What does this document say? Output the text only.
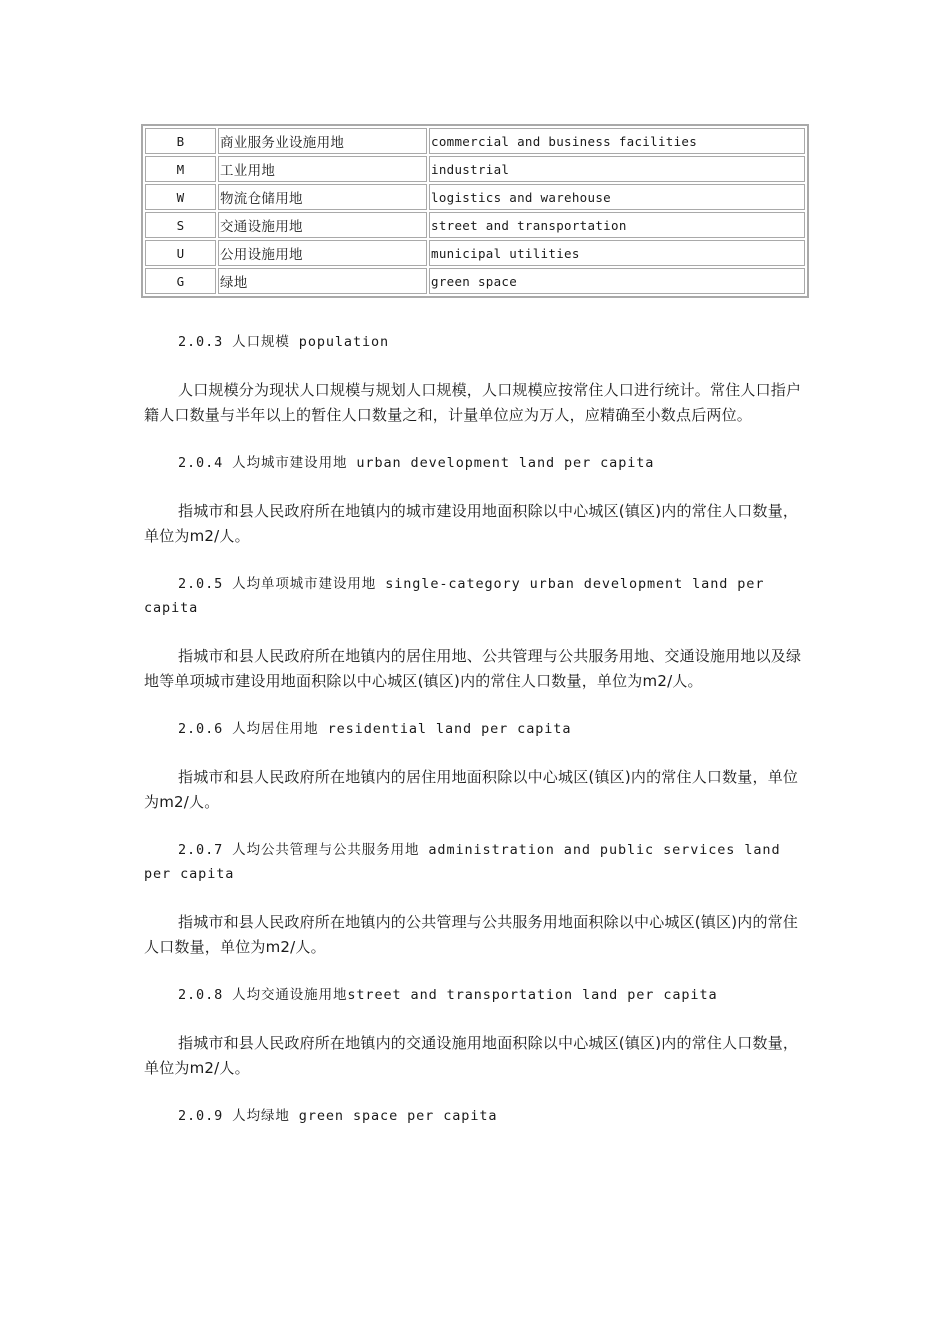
B	商业服务业设施用地	commercial and business facilities
M	工业用地	industrial
W	物流仓储用地	logistics and warehouse
S	交通设施用地	street and transportation
U	公用设施用地	municipal utilities
G	绿地	green space

2.0.3 人口规模 population

人口规模分为现状人口规模与规划人口规模，人口规模应按常住人口进行统计。常住人口指户籍人口数量与半年以上的暂住人口数量之和，计量单位应为万人，应精确至小数点后两位。

2.0.4 人均城市建设用地 urban development land per capita

指城市和县人民政府所在地镇内的城市建设用地面积除以中心城区(镇区)内的常住人口数量，单位为m2/人。

2.0.5 人均单项城市建设用地 single-category urban development land per capita

指城市和县人民政府所在地镇内的居住用地、公共管理与公共服务用地、交通设施用地以及绿地等单项城市建设用地面积除以中心城区(镇区)内的常住人口数量，单位为m2/人。

2.0.6 人均居住用地 residential land per capita

指城市和县人民政府所在地镇内的居住用地面积除以中心城区(镇区)内的常住人口数量，单位为m2/人。

2.0.7 人均公共管理与公共服务用地 administration and public services land per capita

指城市和县人民政府所在地镇内的公共管理与公共服务用地面积除以中心城区(镇区)内的常住人口数量，单位为m2/人。

2.0.8 人均交通设施用地street and transportation land per capita

指城市和县人民政府所在地镇内的交通设施用地面积除以中心城区(镇区)内的常住人口数量，单位为m2/人。

2.0.9 人均绿地 green space per capita
